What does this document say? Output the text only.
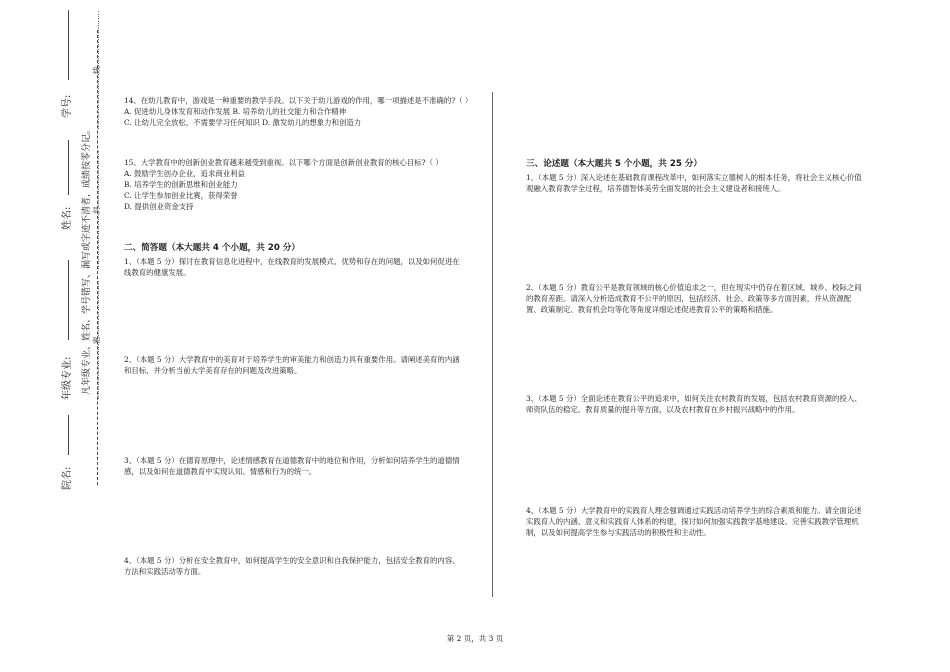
学号:
姓名:
年级专业:
院名:
凡年级专业、姓名、学号错写、漏写或字迹不清者，成绩按零分记。
……………………线……………………
……………………封……………………
……………………密……………………

14、在幼儿教育中，游戏是一种重要的教学手段。以下关于幼儿游戏的作用，哪一项描述是不准确的?（ ）

A. 促进幼儿身体发育和动作发展 B. 培养幼儿的社交能力和合作精神
C. 让幼儿完全放松，不需要学习任何知识 D. 激发幼儿的想象力和创造力

15、大学教育中的创新创业教育越来越受到重视。以下哪个方面是创新创业教育的核心目标?（ ）

A. 鼓励学生创办企业，追求商业利益
B. 培养学生的创新思维和创业能力
C. 让学生参加创业比赛，获得荣誉
D. 提供创业资金支持
二、简答题（本大题共 4 个小题，共 20 分）

1、（本题 5 分）探讨在教育信息化进程中，在线教育的发展模式、优势和存在的问题，以及如何促进在线教育的健康发展。

2、（本题 5 分）大学教育中的美育对于培养学生的审美能力和创造力具有重要作用。请阐述美育的内涵和目标，并分析当前大学美育存在的问题及改进策略。

3、（本题 5 分）在德育原理中，论述情感教育在道德教育中的地位和作用，分析如何培养学生的道德情感，以及如何在道德教育中实现认知、情感和行为的统一。

4、（本题 5 分）分析在安全教育中，如何提高学生的安全意识和自我保护能力，包括安全教育的内容、方法和实践活动等方面。

三、论述题（本大题共 5 个小题，共 25 分）

1、（本题 5 分）深入论述在基础教育课程改革中，如何落实立德树人的根本任务，将社会主义核心价值观融入教育教学全过程，培养德智体美劳全面发展的社会主义建设者和接班人。

2、（本题 5 分）教育公平是教育领域的核心价值追求之一，但在现实中仍存在着区域、城乡、校际之间的教育差距。请深入分析造成教育不公平的原因，包括经济、社会、政策等多方面因素，并从资源配置、政策制定、教育机会均等化等角度详细论述促进教育公平的策略和措施。

3、（本题 5 分）全面论述在教育公平的追求中，如何关注农村教育的发展，包括农村教育资源的投入、师资队伍的稳定、教育质量的提升等方面，以及农村教育在乡村振兴战略中的作用。

4、（本题 5 分）大学教育中的实践育人理念强调通过实践活动培养学生的综合素质和能力。请全面论述实践育人的内涵、意义和实践育人体系的构建，探讨如何加强实践教学基地建设、完善实践教学管理机制，以及如何提高学生参与实践活动的积极性和主动性。

第 2 页，共 3 页
